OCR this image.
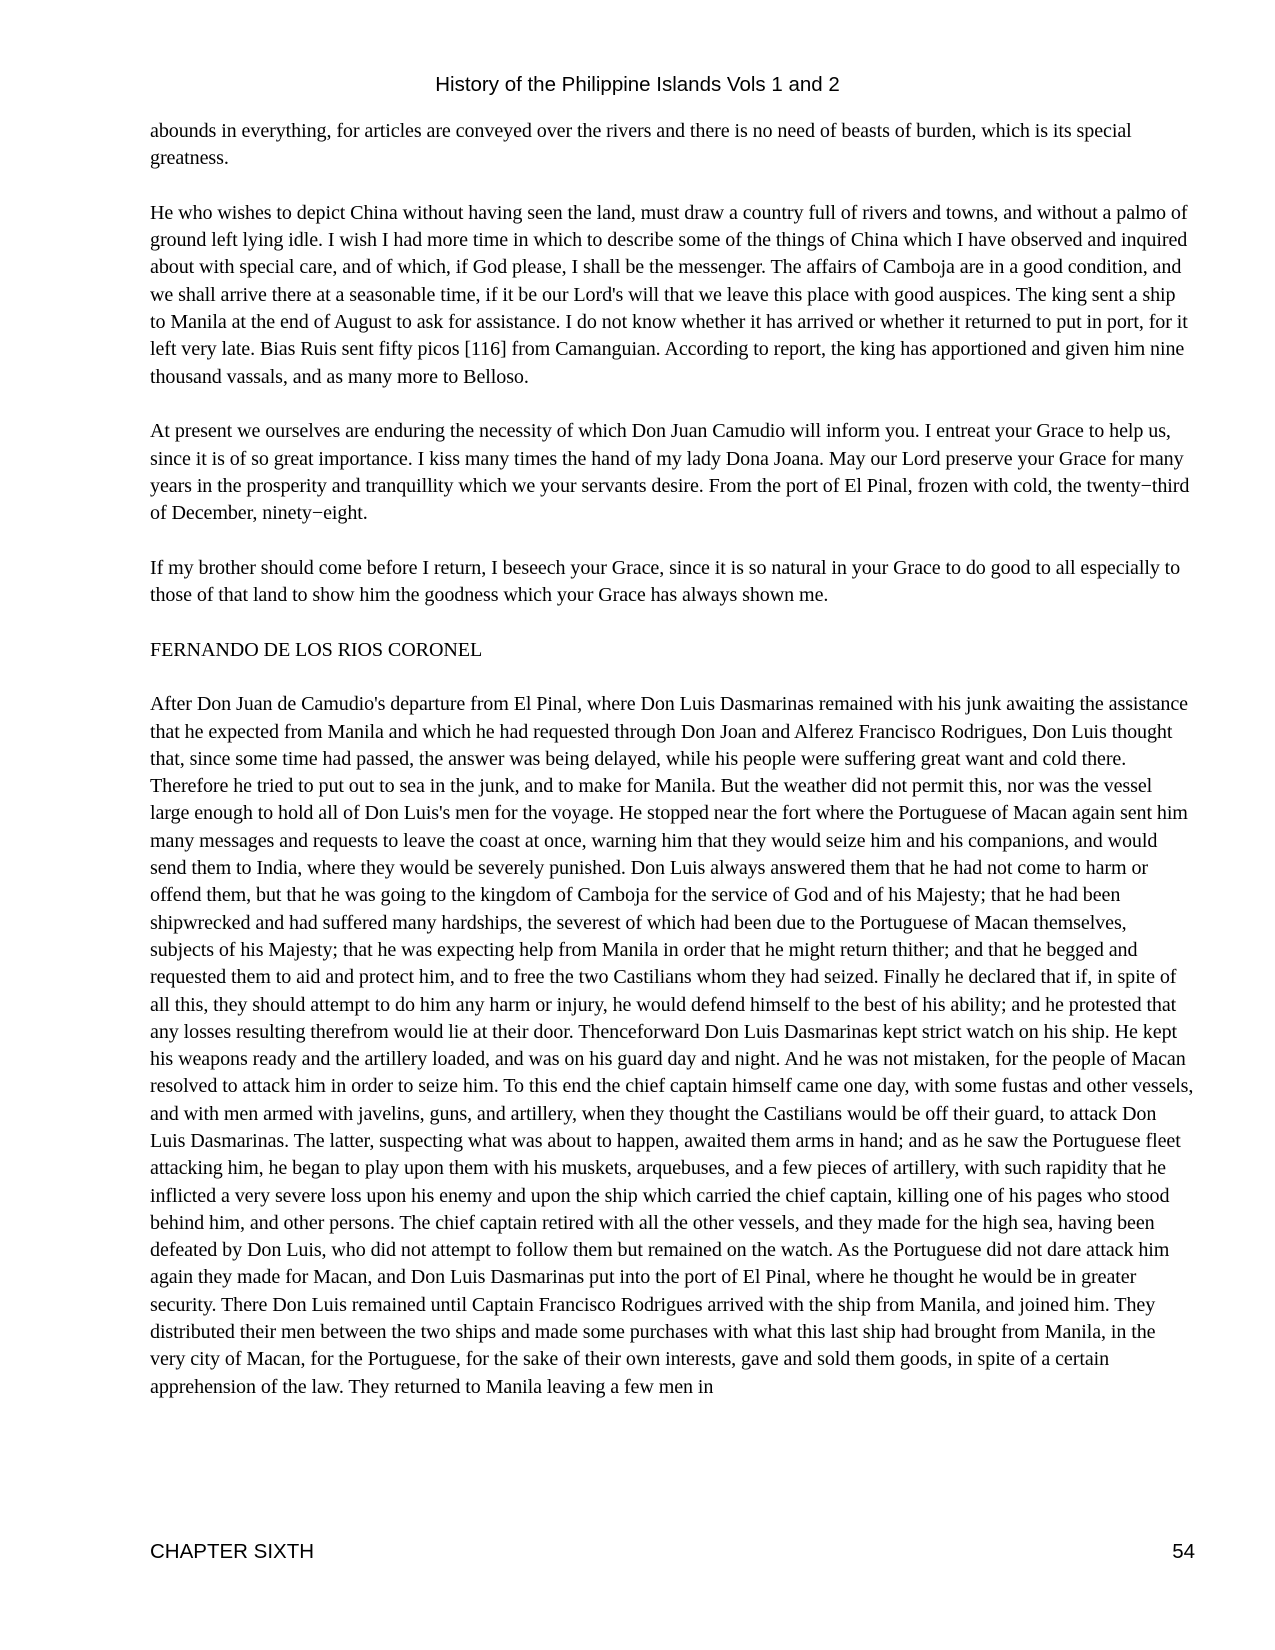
History of the Philippine Islands Vols 1 and 2

abounds in everything, for articles are conveyed over the rivers and there is no need of beasts of burden, which is its special greatness.

He who wishes to depict China without having seen the land, must draw a country full of rivers and towns, and without a palmo of ground left lying idle. I wish I had more time in which to describe some of the things of China which I have observed and inquired about with special care, and of which, if God please, I shall be the messenger. The affairs of Camboja are in a good condition, and we shall arrive there at a seasonable time, if it be our Lord's will that we leave this place with good auspices. The king sent a ship to Manila at the end of August to ask for assistance. I do not know whether it has arrived or whether it returned to put in port, for it left very late. Bias Ruis sent fifty picos [116] from Camanguian. According to report, the king has apportioned and given him nine thousand vassals, and as many more to Belloso.

At present we ourselves are enduring the necessity of which Don Juan Camudio will inform you. I entreat your Grace to help us, since it is of so great importance. I kiss many times the hand of my lady Dona Joana. May our Lord preserve your Grace for many years in the prosperity and tranquillity which we your servants desire. From the port of El Pinal, frozen with cold, the twenty−third of December, ninety−eight.

If my brother should come before I return, I beseech your Grace, since it is so natural in your Grace to do good to all especially to those of that land to show him the goodness which your Grace has always shown me.

FERNANDO DE LOS RIOS CORONEL

After Don Juan de Camudio's departure from El Pinal, where Don Luis Dasmarinas remained with his junk awaiting the assistance that he expected from Manila and which he had requested through Don Joan and Alferez Francisco Rodrigues, Don Luis thought that, since some time had passed, the answer was being delayed, while his people were suffering great want and cold there. Therefore he tried to put out to sea in the junk, and to make for Manila. But the weather did not permit this, nor was the vessel large enough to hold all of Don Luis's men for the voyage. He stopped near the fort where the Portuguese of Macan again sent him many messages and requests to leave the coast at once, warning him that they would seize him and his companions, and would send them to India, where they would be severely punished. Don Luis always answered them that he had not come to harm or offend them, but that he was going to the kingdom of Camboja for the service of God and of his Majesty; that he had been shipwrecked and had suffered many hardships, the severest of which had been due to the Portuguese of Macan themselves, subjects of his Majesty; that he was expecting help from Manila in order that he might return thither; and that he begged and requested them to aid and protect him, and to free the two Castilians whom they had seized. Finally he declared that if, in spite of all this, they should attempt to do him any harm or injury, he would defend himself to the best of his ability; and he protested that any losses resulting therefrom would lie at their door. Thenceforward Don Luis Dasmarinas kept strict watch on his ship. He kept his weapons ready and the artillery loaded, and was on his guard day and night. And he was not mistaken, for the people of Macan resolved to attack him in order to seize him. To this end the chief captain himself came one day, with some fustas and other vessels, and with men armed with javelins, guns, and artillery, when they thought the Castilians would be off their guard, to attack Don Luis Dasmarinas. The latter, suspecting what was about to happen, awaited them arms in hand; and as he saw the Portuguese fleet attacking him, he began to play upon them with his muskets, arquebuses, and a few pieces of artillery, with such rapidity that he inflicted a very severe loss upon his enemy and upon the ship which carried the chief captain, killing one of his pages who stood behind him, and other persons. The chief captain retired with all the other vessels, and they made for the high sea, having been defeated by Don Luis, who did not attempt to follow them but remained on the watch. As the Portuguese did not dare attack him again they made for Macan, and Don Luis Dasmarinas put into the port of El Pinal, where he thought he would be in greater security. There Don Luis remained until Captain Francisco Rodrigues arrived with the ship from Manila, and joined him. They distributed their men between the two ships and made some purchases with what this last ship had brought from Manila, in the very city of Macan, for the Portuguese, for the sake of their own interests, gave and sold them goods, in spite of a certain apprehension of the law. They returned to Manila leaving a few men in

CHAPTER SIXTH	54
